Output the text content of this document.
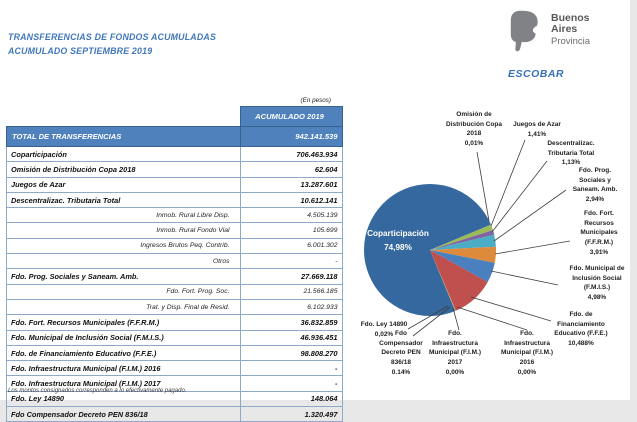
TRANSFERENCIAS DE FONDOS ACUMULADAS
ACUMULADO SEPTIEMBRE 2019
Buenos
Aires
Provincia
ESCOBAR
(En pesos)
	ACUMULADO 2019
TOTAL DE TRANSFERENCIAS	942.141.539
Coparticipación	706.463.934
Omisión de Distribución Copa 2018	62.604
Juegos de Azar	13.287.601
Descentralizac. Tributaria Total	10.612.141
Inmob. Rural Libre Disp.	4.505.139
Inmob. Rural Fondo Vial	105.699
Ingresos Brutos Peq. Contrib.	6.001.302
Otros	-
Fdo. Prog. Sociales y Saneam. Amb.	27.669.118
Fdo. Fort. Prog. Soc.	21.566.185
Trat. y Disp. Final de Resid.	6.102.933
Fdo. Fort. Recursos Municipales (F.F.R.M.)	36.832.859
Fdo. Municipal de Inclusión Social (F.M.I.S.)	46.936.451
Fdo. de Financiamiento Educativo (F.F.E.)	98.808.270
Fdo. Infraestructura Municipal (F.I.M.) 2016	-
Fdo. Infraestructura Municipal (F.I.M.) 2017	-
Fdo. Ley 14890	148.064
Fdo Compensador Decreto PEN 836/18	1.320.497
Los montos consignados corresponden a lo efectivamente pagado.
Coparticipación
74,98%
Omisión de
Distribución Copa
2018
0,01%
Juegos de Azar
1,41%
Descentralizac.
Tributaria Total
1,13%
Fdo. Prog.
Sociales y
Saneam. Amb.
2,94%
Fdo. Fort.
Recursos
Municipales
(F.F.R.M.)
3,91%
Fdo. Municipal de
Inclusión Social
(F.M.I.S.)
4,98%
Fdo. de
Financiamiento
Educativo (F.F.E.)
10,488%
Fdo.
Infraestructura
Municipal (F.I.M.)
2016
0,00%
Fdo.
Infraestructura
Municipal (F.I.M.)
2017
0,00%
Fdo
Compensador
Decreto PEN
836/18
0.14%
Fdo. Ley 14890
0,02%
